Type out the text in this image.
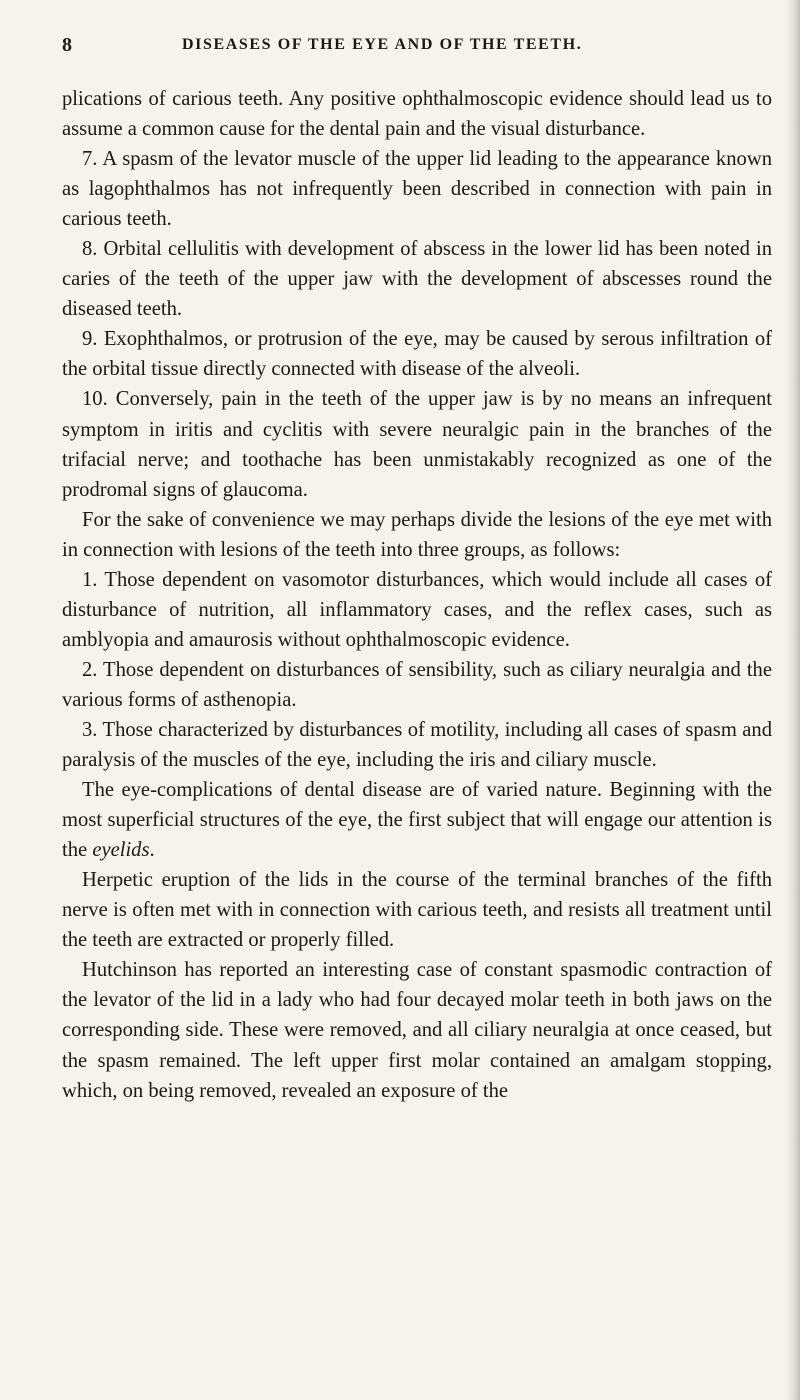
8	DISEASES OF THE EYE AND OF THE TEETH.

plications of carious teeth. Any positive ophthalmoscopic evidence should lead us to assume a common cause for the dental pain and the visual disturbance.

7. A spasm of the levator muscle of the upper lid leading to the appearance known as lagophthalmos has not infrequently been described in connection with pain in carious teeth.

8. Orbital cellulitis with development of abscess in the lower lid has been noted in caries of the teeth of the upper jaw with the development of abscesses round the diseased teeth.

9. Exophthalmos, or protrusion of the eye, may be caused by serous infiltration of the orbital tissue directly connected with disease of the alveoli.

10. Conversely, pain in the teeth of the upper jaw is by no means an infrequent symptom in iritis and cyclitis with severe neuralgic pain in the branches of the trifacial nerve; and toothache has been unmistakably recognized as one of the prodromal signs of glaucoma.

For the sake of convenience we may perhaps divide the lesions of the eye met with in connection with lesions of the teeth into three groups, as follows:

1. Those dependent on vasomotor disturbances, which would include all cases of disturbance of nutrition, all inflammatory cases, and the reflex cases, such as amblyopia and amaurosis without ophthalmoscopic evidence.

2. Those dependent on disturbances of sensibility, such as ciliary neuralgia and the various forms of asthenopia.

3. Those characterized by disturbances of motility, including all cases of spasm and paralysis of the muscles of the eye, including the iris and ciliary muscle.

The eye-complications of dental disease are of varied nature. Beginning with the most superficial structures of the eye, the first subject that will engage our attention is the eyelids.

Herpetic eruption of the lids in the course of the terminal branches of the fifth nerve is often met with in connection with carious teeth, and resists all treatment until the teeth are extracted or properly filled.

Hutchinson has reported an interesting case of constant spasmodic contraction of the levator of the lid in a lady who had four decayed molar teeth in both jaws on the corresponding side. These were removed, and all ciliary neuralgia at once ceased, but the spasm remained. The left upper first molar contained an amalgam stopping, which, on being removed, revealed an exposure of the
